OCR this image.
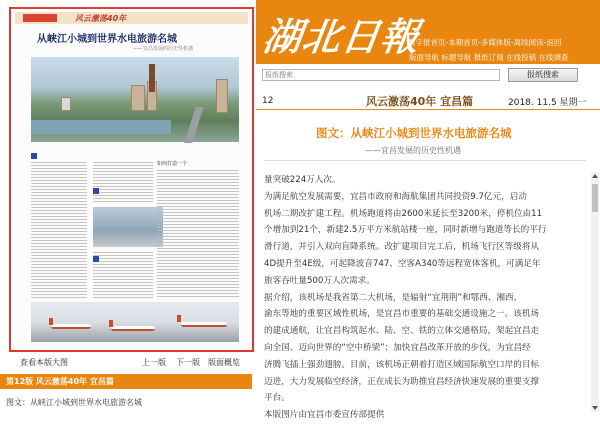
风云激荡40年
从峡江小城到世界水电旅游名城
——宜昌发展的历史性机遇
如何打造一个
查看本版大图	上一版 下一版 版面概览
第12版 风云激荡40年 宜昌篇
图文：从峡江小城到世界水电旅游名城
湖北日報
数字报首页-本期首页-多媒体版-离线阅读-返回
版面导航 标题导航 报纸订阅 在线投稿 在线调查
报纸搜索
报纸搜索
12	风云激荡40年 宜昌篇	2018. 11.5 星期一
图文：从峡江小城到世界水电旅游名城
——宜昌发展的历史性机遇

量突破224万人次。

为满足航空发展需要，宜昌市政府和海航集团共同投资9.7亿元，启动

机场二期改扩建工程。机场跑道将由2600米延长至3200米，停机位由11

个增加到21个，新建2.5万平方米航站楼一座，同时新增与跑道等长的平行

滑行道，并引入双向盲降系统。改扩建项目完工后，机场飞行区等级将从

4D提升至4E级，可起降波音747、空客A340等远程宽体客机，可满足年

旅客吞吐量500万人次需求。

据介绍，该机场是我省第二大机场，是辐射“宜荆荆”和鄂西、湘西、

渝东等地的重要区域性机场，是宜昌市重要的基础交通设施之一。该机场

的建成通航，让宜昌构筑起水、陆、空、铁的立体交通格局，架起宜昌走

向全国、迈向世界的“空中桥梁”；加快宜昌改革开放的步伐，为宜昌经

济腾飞插上强劲翅膀。目前，该机场正朝着打造区域国际航空口岸的目标

迈进，大力发展临空经济，正在成长为助推宜昌经济快速发展的重要支撑

平台。

本版图片由宜昌市委宣传部提供
